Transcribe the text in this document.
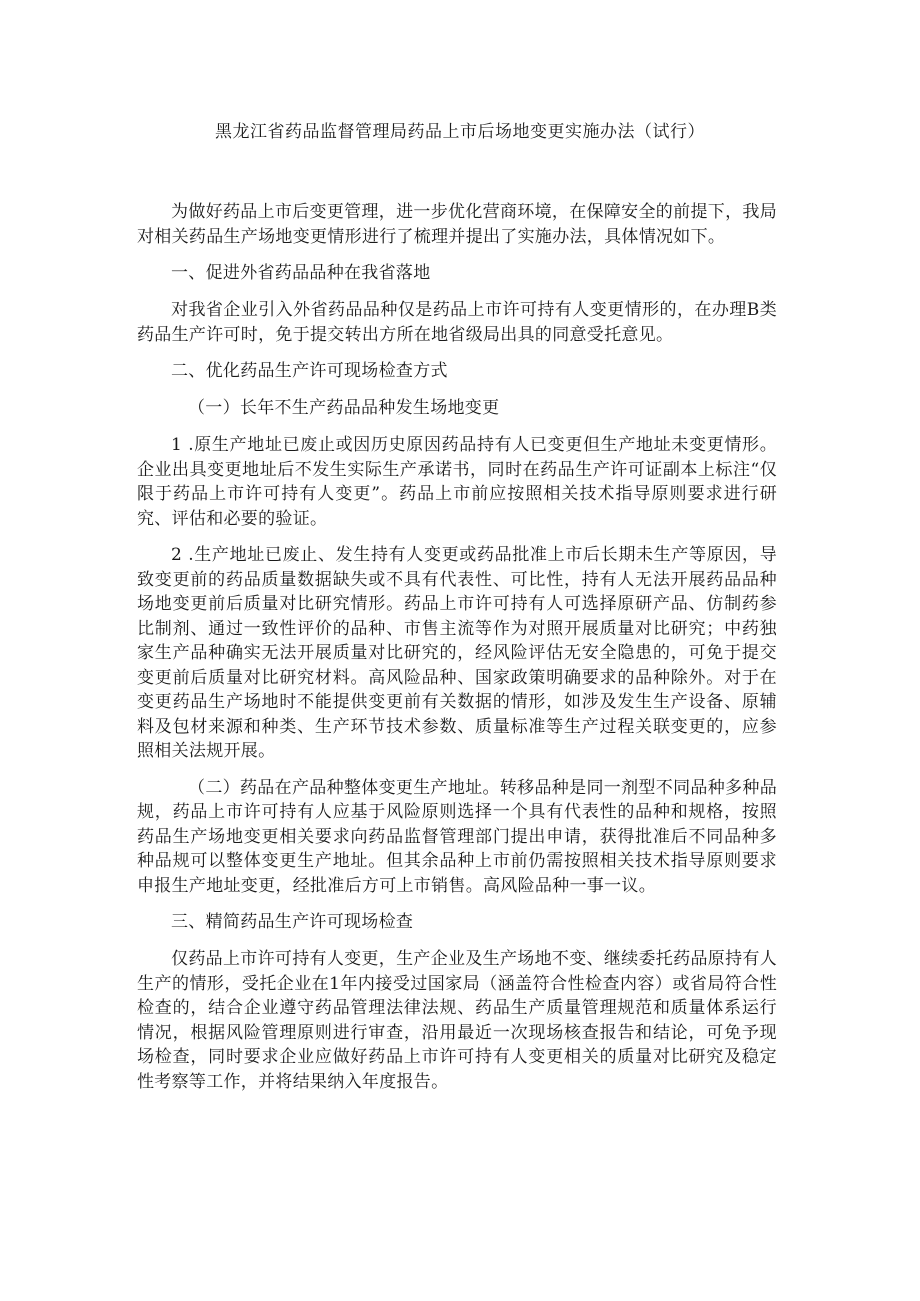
黑龙江省药品监督管理局药品上市后场地变更实施办法（试行）

为做好药品上市后变更管理，进一步优化营商环境，在保障安全的前提下，我局对相关药品生产场地变更情形进行了梳理并提出了实施办法，具体情况如下。

一、促进外省药品品种在我省落地

对我省企业引入外省药品品种仅是药品上市许可持有人变更情形的，在办理B类药品生产许可时，免于提交转出方所在地省级局出具的同意受托意见。

二、优化药品生产许可现场检查方式

（一）长年不生产药品品种发生场地变更

1 .原生产地址已废止或因历史原因药品持有人已变更但生产地址未变更情形。企业出具变更地址后不发生实际生产承诺书，同时在药品生产许可证副本上标注“仅限于药品上市许可持有人变更”。药品上市前应按照相关技术指导原则要求进行研究、评估和必要的验证。

2 .生产地址已废止、发生持有人变更或药品批准上市后长期未生产等原因，导致变更前的药品质量数据缺失或不具有代表性、可比性，持有人无法开展药品品种场地变更前后质量对比研究情形。药品上市许可持有人可选择原研产品、仿制药参比制剂、通过一致性评价的品种、市售主流等作为对照开展质量对比研究；中药独家生产品种确实无法开展质量对比研究的，经风险评估无安全隐患的，可免于提交变更前后质量对比研究材料。高风险品种、国家政策明确要求的品种除外。对于在变更药品生产场地时不能提供变更前有关数据的情形，如涉及发生生产设备、原辅料及包材来源和种类、生产环节技术参数、质量标准等生产过程关联变更的，应参照相关法规开展。

（二）药品在产品种整体变更生产地址。转移品种是同一剂型不同品种多种品规，药品上市许可持有人应基于风险原则选择一个具有代表性的品种和规格，按照药品生产场地变更相关要求向药品监督管理部门提出申请，获得批准后不同品种多种品规可以整体变更生产地址。但其余品种上市前仍需按照相关技术指导原则要求申报生产地址变更，经批准后方可上市销售。高风险品种一事一议。

三、精简药品生产许可现场检查

仅药品上市许可持有人变更，生产企业及生产场地不变、继续委托药品原持有人生产的情形，受托企业在1年内接受过国家局（涵盖符合性检查内容）或省局符合性检查的，结合企业遵守药品管理法律法规、药品生产质量管理规范和质量体系运行情况，根据风险管理原则进行审查，沿用最近一次现场核查报告和结论，可免予现场检查，同时要求企业应做好药品上市许可持有人变更相关的质量对比研究及稳定性考察等工作，并将结果纳入年度报告。
